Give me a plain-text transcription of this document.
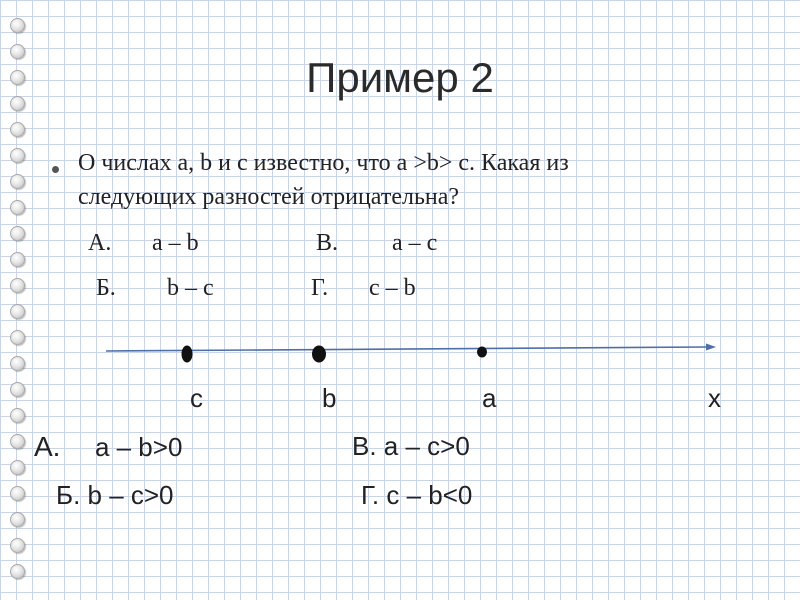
Пример 2
О числах a, b и c известно, что a >b> c. Какая из
следующих разностей отрицательна?
А. a – b	В. a – c
Б. b – c	Г. c – b
c	b	a	x
А. a – b>0	В. a – c>0
Б. b – c>0	Г. c – b<0
